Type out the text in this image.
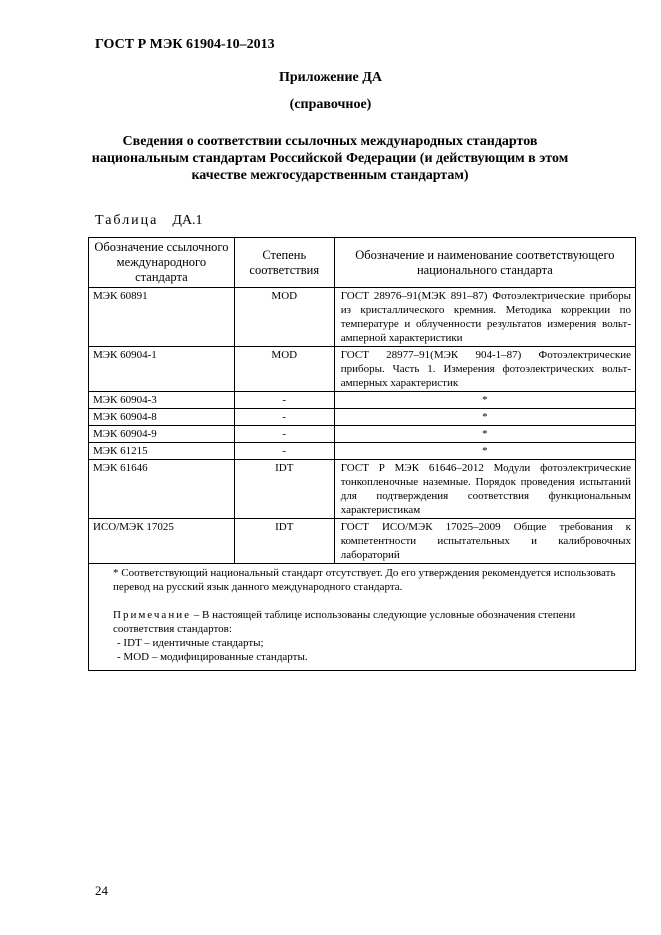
ГОСТ Р МЭК 61904-10–2013
Приложение ДА
(справочное)
Сведения о соответствии ссылочных международных стандартов национальным стандартам Российской Федерации (и действующим в этом качестве межгосударственным стандартам)
Таблица ДА.1
Обозначение ссылочного международного стандарта	Степень соответствия	Обозначение и наименование соответствующего национального стандарта
МЭК 60891	MOD	ГОСТ 28976–91(МЭК 891–87) Фотоэлектрические приборы из кристаллического кремния. Методика коррекции по температуре и облученности результатов измерения вольт-амперной характеристики
МЭК 60904-1	MOD	ГОСТ 28977–91(МЭК 904-1–87) Фотоэлектрические приборы. Часть 1. Измерения фотоэлектрических вольт-амперных характеристик
МЭК 60904-3	-	*
МЭК 60904-8	-	*
МЭК 60904-9	-	*
МЭК 61215	-	*
МЭК 61646	IDT	ГОСТ Р МЭК 61646–2012 Модули фотоэлектрические тонкопленочные наземные. Порядок проведения испытаний для подтверждения соответствия функциональным характеристикам
ИСО/МЭК 17025	IDT	ГОСТ ИСО/МЭК 17025–2009 Общие требования к компетентности испытательных и калибровочных лабораторий

* Соответствующий национальный стандарт отсутствует. До его утверждения рекомендуется использовать перевод на русский язык данного международного стандарта.

Примечание – В настоящей таблице использованы следующие условные обозначения степени соответствия стандартов:

- IDT – идентичные стандарты;

- MOD – модифицированные стандарты.		

24
